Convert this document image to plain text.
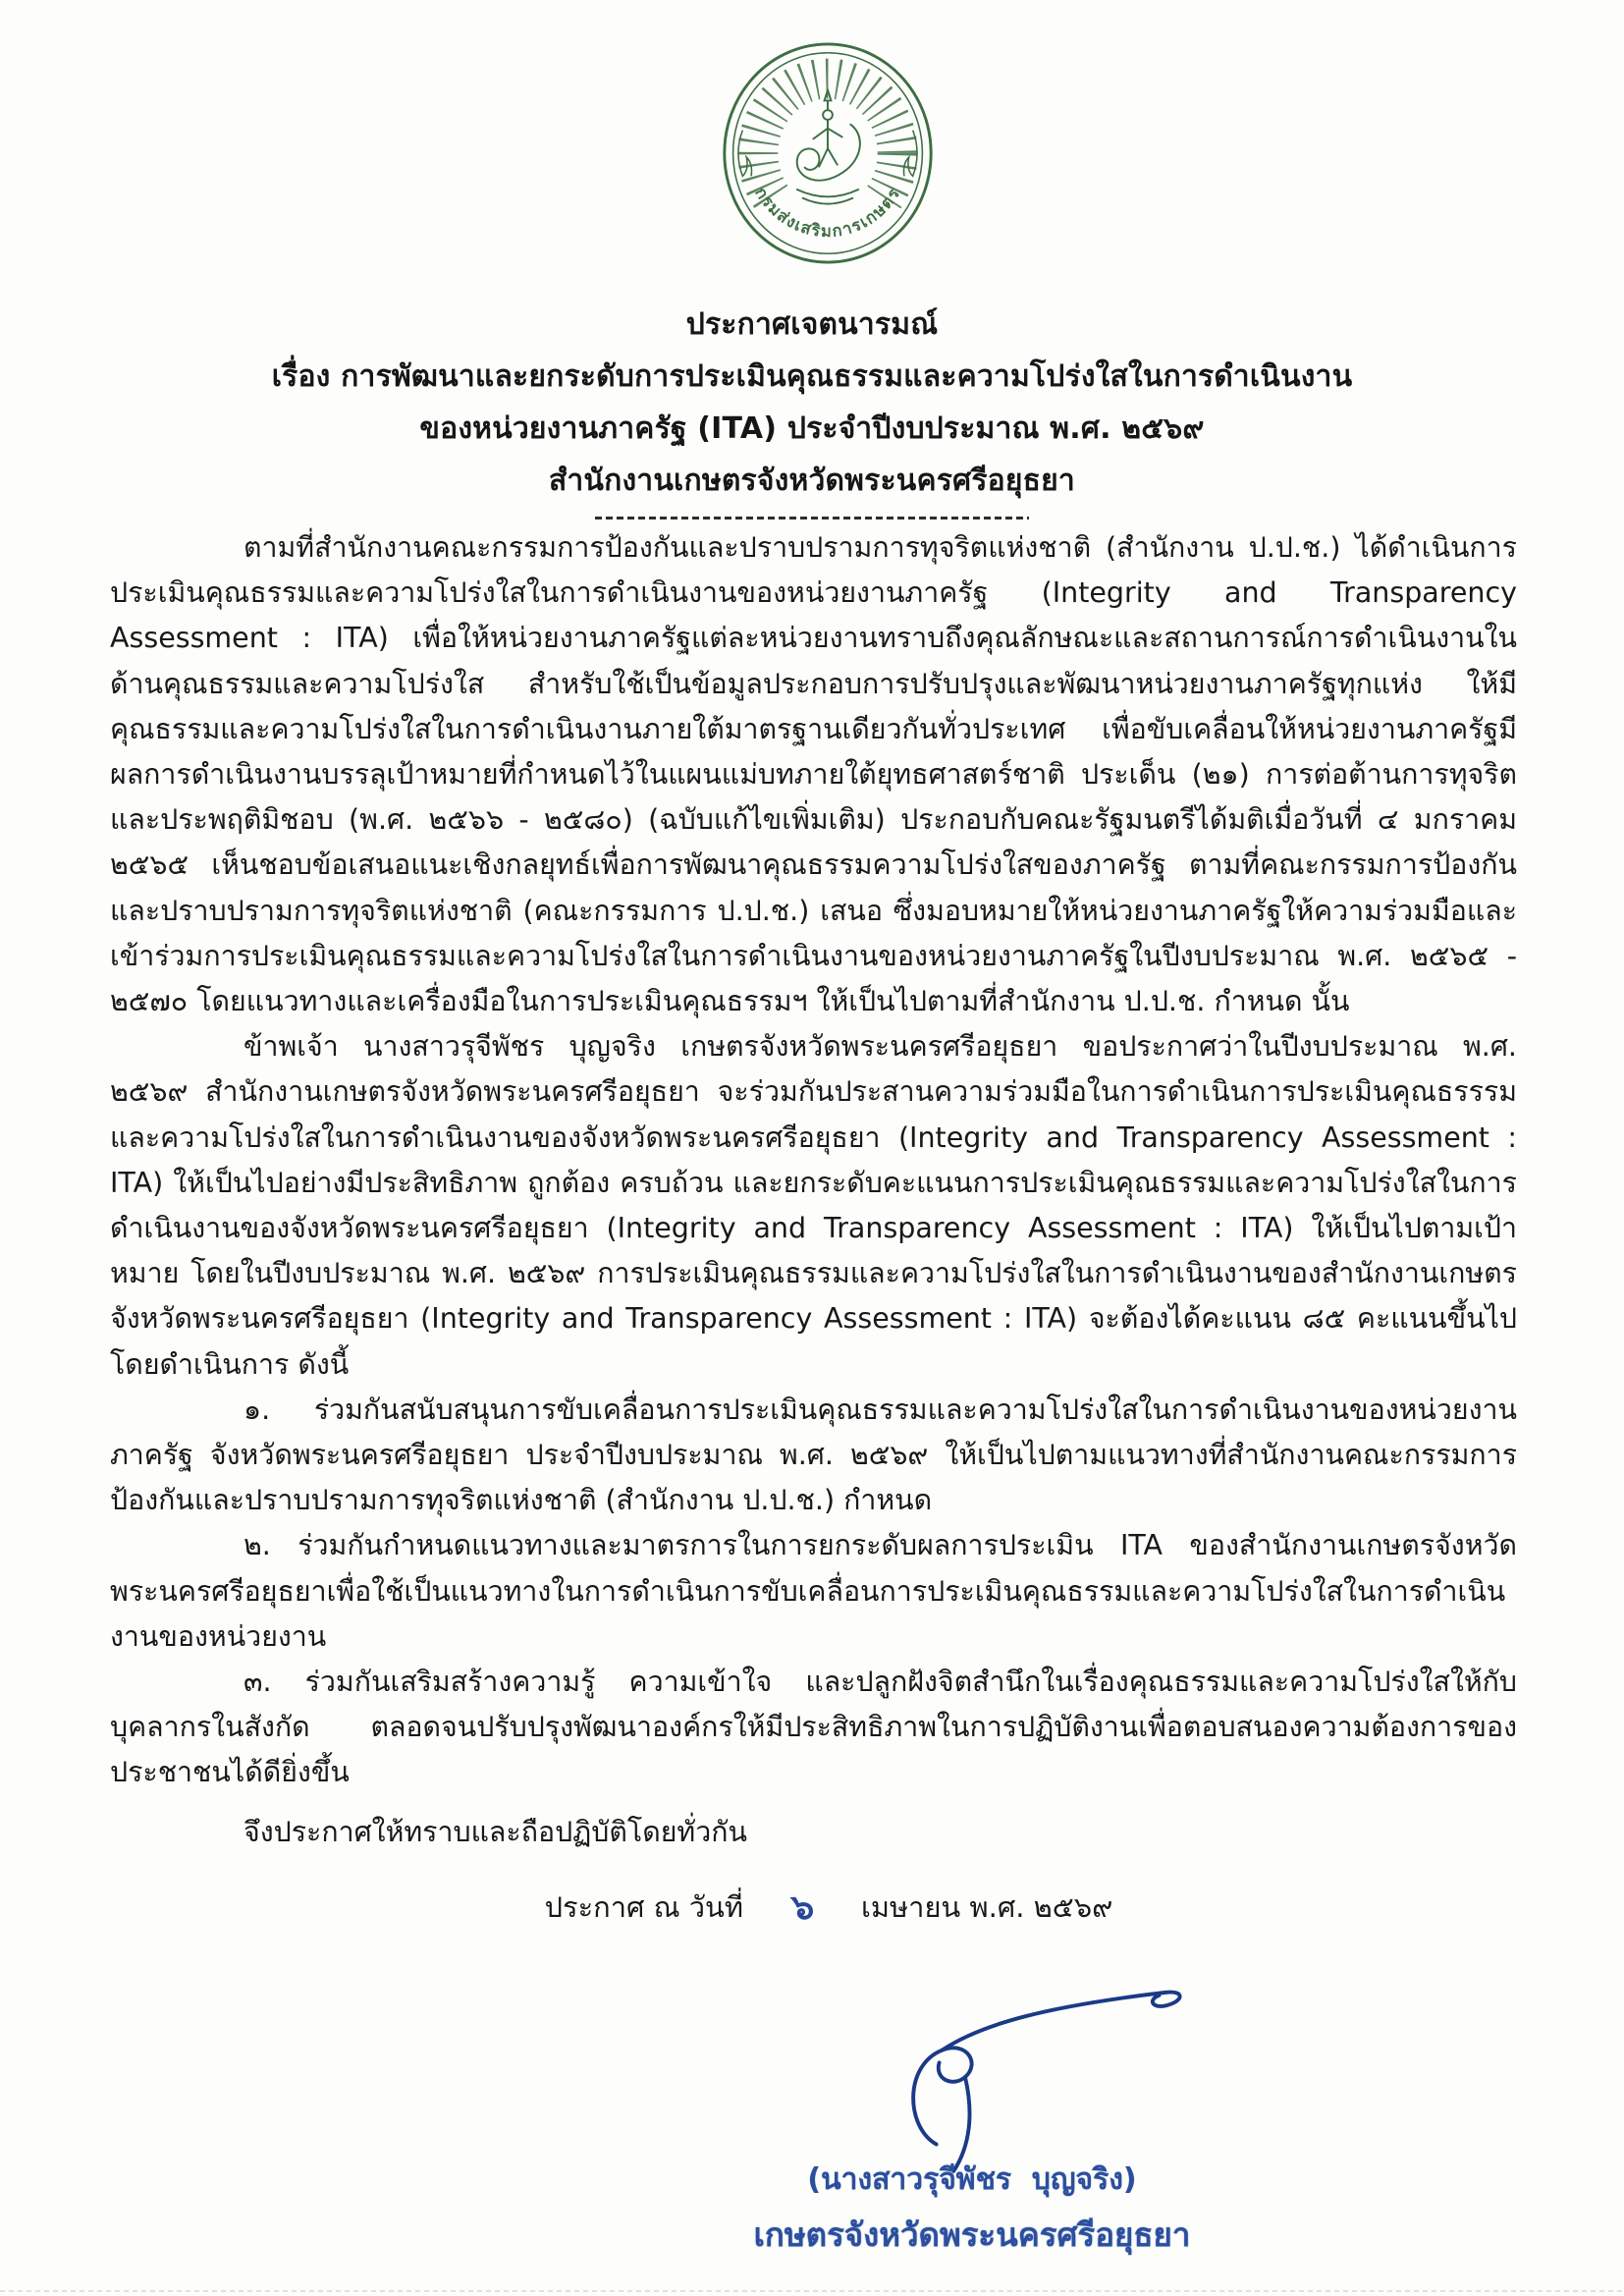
กรมส่งเสริมการเกษตร
ประกาศเจตนารมณ์
เรื่อง การพัฒนาและยกระดับการประเมินคุณธรรมและความโปร่งใสในการดำเนินงาน
ของหน่วยงานภาครัฐ (ITA) ประจำปีงบประมาณ พ.ศ. ๒๕๖๙
สำนักงานเกษตรจังหวัดพระนครศรีอยุธยา

ตามที่สำนักงานคณะกรรมการป้องกันและปราบปรามการทุจริตแห่งชาติ (สำนักงาน ป.ป.ช.) ได้ดำเนินการประเมินคุณธรรมและความโปร่งใสในการดำเนินงานของหน่วยงานภาครัฐ (Integrity and Transparency Assessment : ITA) เพื่อให้หน่วยงานภาครัฐแต่ละหน่วยงานทราบถึงคุณลักษณะและสถานการณ์การดำเนินงานในด้านคุณธรรมและความโปร่งใส สำหรับใช้เป็นข้อมูลประกอบการปรับปรุงและพัฒนาหน่วยงานภาครัฐทุกแห่ง ให้มีคุณธรรมและความโปร่งใสในการดำเนินงานภายใต้มาตรฐานเดียวกันทั่วประเทศ เพื่อขับเคลื่อนให้หน่วยงานภาครัฐมีผลการดำเนินงานบรรลุเป้าหมายที่กำหนดไว้ในแผนแม่บทภายใต้ยุทธศาสตร์ชาติ ประเด็น (๒๑) การต่อต้านการทุจริตและประพฤติมิชอบ (พ.ศ. ๒๕๖๖ - ๒๕๘๐) (ฉบับแก้ไขเพิ่มเติม) ประกอบกับคณะรัฐมนตรีได้มติเมื่อวันที่ ๔ มกราคม ๒๕๖๕ เห็นชอบข้อเสนอแนะเชิงกลยุทธ์เพื่อการพัฒนาคุณธรรมความโปร่งใสของภาครัฐ ตามที่คณะกรรมการป้องกันและปราบปรามการทุจริตแห่งชาติ (คณะกรรมการ ป.ป.ช.) เสนอ ซึ่งมอบหมายให้หน่วยงานภาครัฐให้ความร่วมมือและเข้าร่วมการประเมินคุณธรรมและความโปร่งใสในการดำเนินงานของหน่วยงานภาครัฐในปีงบประมาณ พ.ศ. ๒๕๖๕ - ๒๕๗๐ โดยแนวทางและเครื่องมือในการประเมินคุณธรรมฯ ให้เป็นไปตามที่สำนักงาน ป.ป.ช. กำหนด นั้น

ข้าพเจ้า นางสาวรุจีพัชร บุญจริง เกษตรจังหวัดพระนครศรีอยุธยา ขอประกาศว่าในปีงบประมาณ พ.ศ. ๒๕๖๙ สำนักงานเกษตรจังหวัดพระนครศรีอยุธยา จะร่วมกันประสานความร่วมมือในการดำเนินการประเมินคุณธรรรมและความโปร่งใสในการดำเนินงานของจังหวัดพระนครศรีอยุธยา (Integrity and Transparency Assessment : ITA) ให้เป็นไปอย่างมีประสิทธิภาพ ถูกต้อง ครบถ้วน และยกระดับคะแนนการประเมินคุณธรรมและความโปร่งใสในการดำเนินงานของจังหวัดพระนครศรีอยุธยา (Integrity and Transparency Assessment : ITA) ให้เป็นไปตามเป้าหมาย โดยในปีงบประมาณ พ.ศ. ๒๕๖๙ การประเมินคุณธรรมและความโปร่งใสในการดำเนินงานของสำนักงานเกษตรจังหวัดพระนครศรีอยุธยา (Integrity and Transparency Assessment : ITA) จะต้องได้คะแนน ๘๕ คะแนนขึ้นไป โดยดำเนินการ ดังนี้

๑. ร่วมกันสนับสนุนการขับเคลื่อนการประเมินคุณธรรมและความโปร่งใสในการดำเนินงานของหน่วยงานภาครัฐ จังหวัดพระนครศรีอยุธยา ประจำปีงบประมาณ พ.ศ. ๒๕๖๙ ให้เป็นไปตามแนวทางที่สำนักงานคณะกรรมการป้องกันและปราบปรามการทุจริตแห่งชาติ (สำนักงาน ป.ป.ช.) กำหนด

๒. ร่วมกันกำหนดแนวทางและมาตรการในการยกระดับผลการประเมิน ITA ของสำนักงานเกษตรจังหวัดพระนครศรีอยุธยาเพื่อใช้เป็นแนวทางในการดำเนินการขับเคลื่อนการประเมินคุณธรรมและความโปร่งใสในการดำเนินงานของหน่วยงาน

๓. ร่วมกันเสริมสร้างความรู้ ความเข้าใจ และปลูกฝังจิตสำนึกในเรื่องคุณธรรมและความโปร่งใสให้กับบุคลากรในสังกัด ตลอดจนปรับปรุงพัฒนาองค์กรให้มีประสิทธิภาพในการปฏิบัติงานเพื่อตอบสนองความต้องการของประชาชนได้ดียิ่งขึ้น

จึงประกาศให้ทราบและถือปฏิบัติโดยทั่วกัน

ประกาศ ณ วันที่	๖	เมษายน พ.ศ. ๒๕๖๙
(นางสาวรุจีพัชร  บุญจริง)
เกษตรจังหวัดพระนครศรีอยุธยา
